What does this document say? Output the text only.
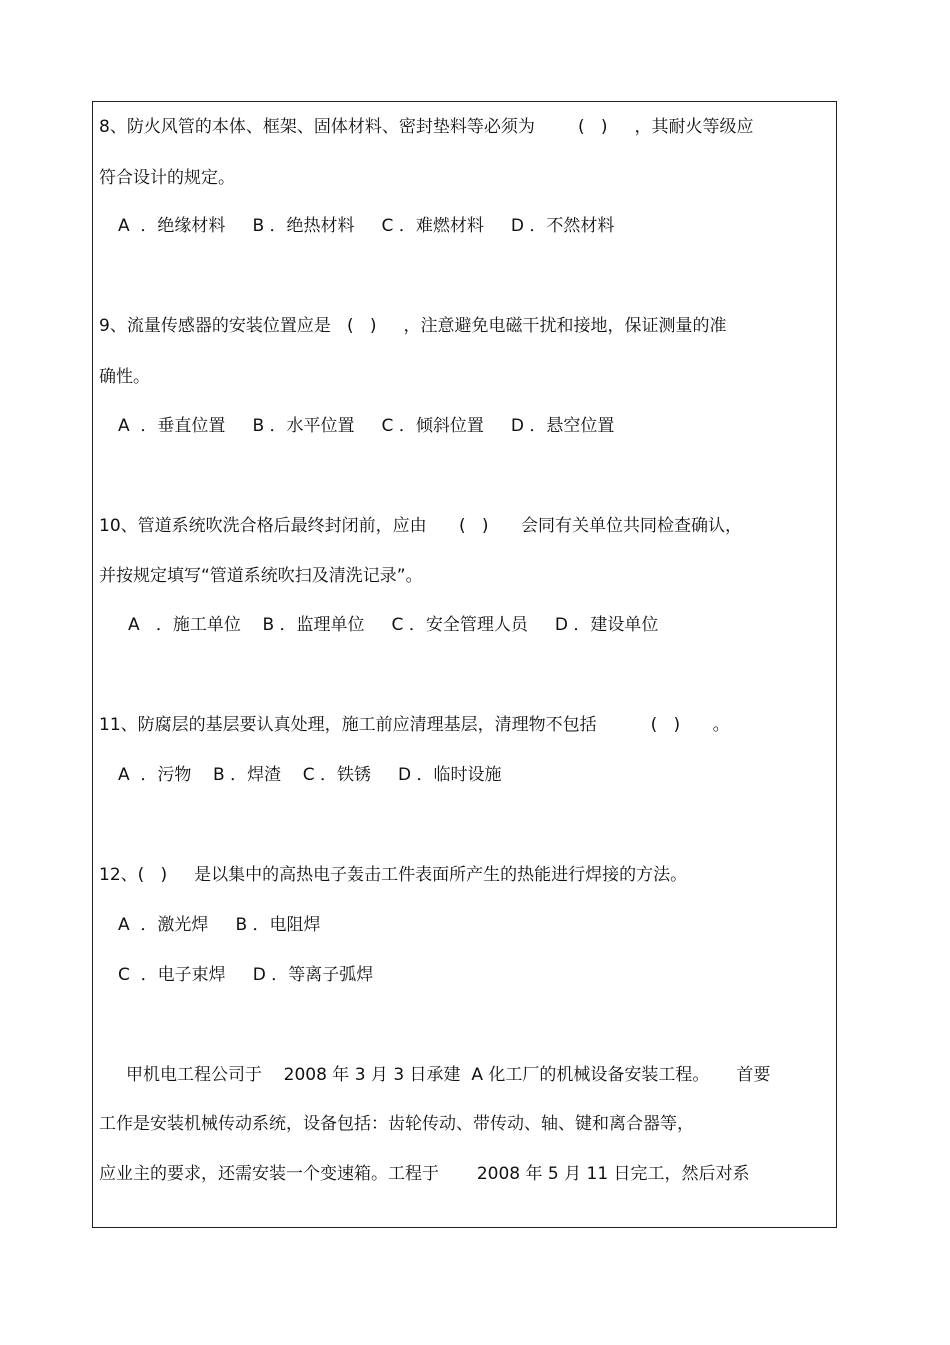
8、防火风管的本体、框架、固体材料、密封垫料等必须为        (   )     ，其耐火等级应
符合设计的规定。
A  ．绝缘材料     B ．绝热材料     C ．难燃材料     D ．不然材料
9、流量传感器的安装位置应是   (   )     ，注意避免电磁干扰和接地，保证测量的准
确性。
A  ．垂直位置     B ．水平位置     C ．倾斜位置     D ．悬空位置
10、管道系统吹洗合格后最终封闭前，应由      (   )      会同有关单位共同检查确认，
并按规定填写“管道系统吹扫及清洗记录”。
A   ．施工单位    B ．监理单位     C ．安全管理人员     D ．建设单位
11、防腐层的基层要认真处理，施工前应清理基层，清理物不包括          (   )      。
A  ．污物    B ．焊渣    C ．铁锈     D ．临时设施
12、(   )     是以集中的高热电子轰击工件表面所产生的热能进行焊接的方法。
A  ．激光焊     B ．电阻焊
C  ．电子束焊     D ．等离子弧焊
甲机电工程公司于    2008 年 3 月 3 日承建  A 化工厂的机械设备安装工程。     首要
工作是安装机械传动系统，设备包括：齿轮传动、带传动、轴、键和离合器等，
应业主的要求，还需安装一个变速箱。工程于       2008 年 5 月 11 日完工，然后对系
